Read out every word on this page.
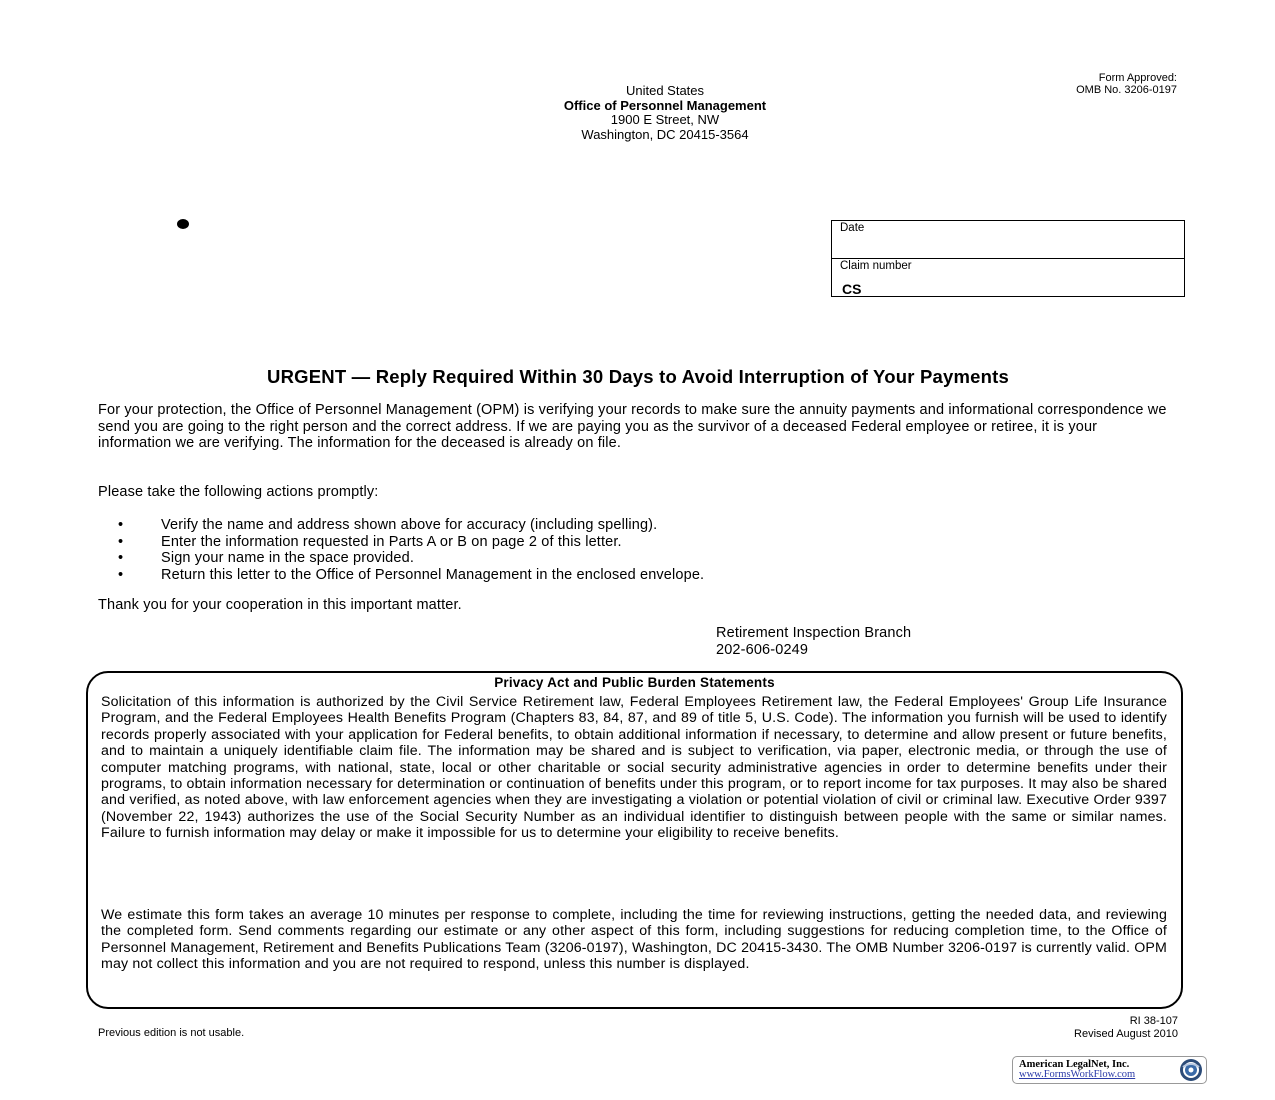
United States
Office of Personnel Management
1900 E Street, NW
Washington, DC 20415-3564
Form Approved:
OMB No. 3206-0197
Date
Claim number
CS
URGENT — Reply Required Within 30 Days to Avoid Interruption of Your Payments
For your protection, the Office of Personnel Management (OPM) is verifying your records to make sure the annuity payments and informational correspondence we send you are going to the right person and the correct address. If we are paying you as the survivor of a deceased Federal employee or retiree, it is your information we are verifying. The information for the deceased is already on file.
Please take the following actions promptly:
•	Verify the name and address shown above for accuracy (including spelling).
•	Enter the information requested in Parts A or B on page 2 of this letter.
•	Sign your name in the space provided.
•	Return this letter to the Office of Personnel Management in the enclosed envelope.
Thank you for your cooperation in this important matter.
Retirement Inspection Branch
202-606-0249
Privacy Act and Public Burden Statements
Solicitation of this information is authorized by the Civil Service Retirement law, Federal Employees Retirement law, the Federal Employees' Group Life Insurance Program, and the Federal Employees Health Benefits Program (Chapters 83, 84, 87, and 89 of title 5, U.S. Code). The information you furnish will be used to identify records properly associated with your application for Federal benefits, to obtain additional information if necessary, to determine and allow present or future benefits, and to maintain a uniquely identifiable claim file. The information may be shared and is subject to verification, via paper, electronic media, or through the use of computer matching programs, with national, state, local or other charitable or social security administrative agencies in order to determine benefits under their programs, to obtain information necessary for determination or continuation of benefits under this program, or to report income for tax purposes. It may also be shared and verified, as noted above, with law enforcement agencies when they are investigating a violation or potential violation of civil or criminal law. Executive Order 9397 (November 22, 1943) authorizes the use of the Social Security Number as an individual identifier to distinguish between people with the same or similar names. Failure to furnish information may delay or make it impossible for us to determine your eligibility to receive benefits.
We estimate this form takes an average 10 minutes per response to complete, including the time for reviewing instructions, getting the needed data, and reviewing the completed form. Send comments regarding our estimate or any other aspect of this form, including suggestions for reducing completion time, to the Office of Personnel Management, Retirement and Benefits Publications Team (3206-0197), Washington, DC 20415-3430. The OMB Number 3206-0197 is currently valid. OPM may not collect this information and you are not required to respond, unless this number is displayed.
Previous edition is not usable.
RI 38-107
Revised August 2010
American LegalNet, Inc.
www.FormsWorkFlow.com
